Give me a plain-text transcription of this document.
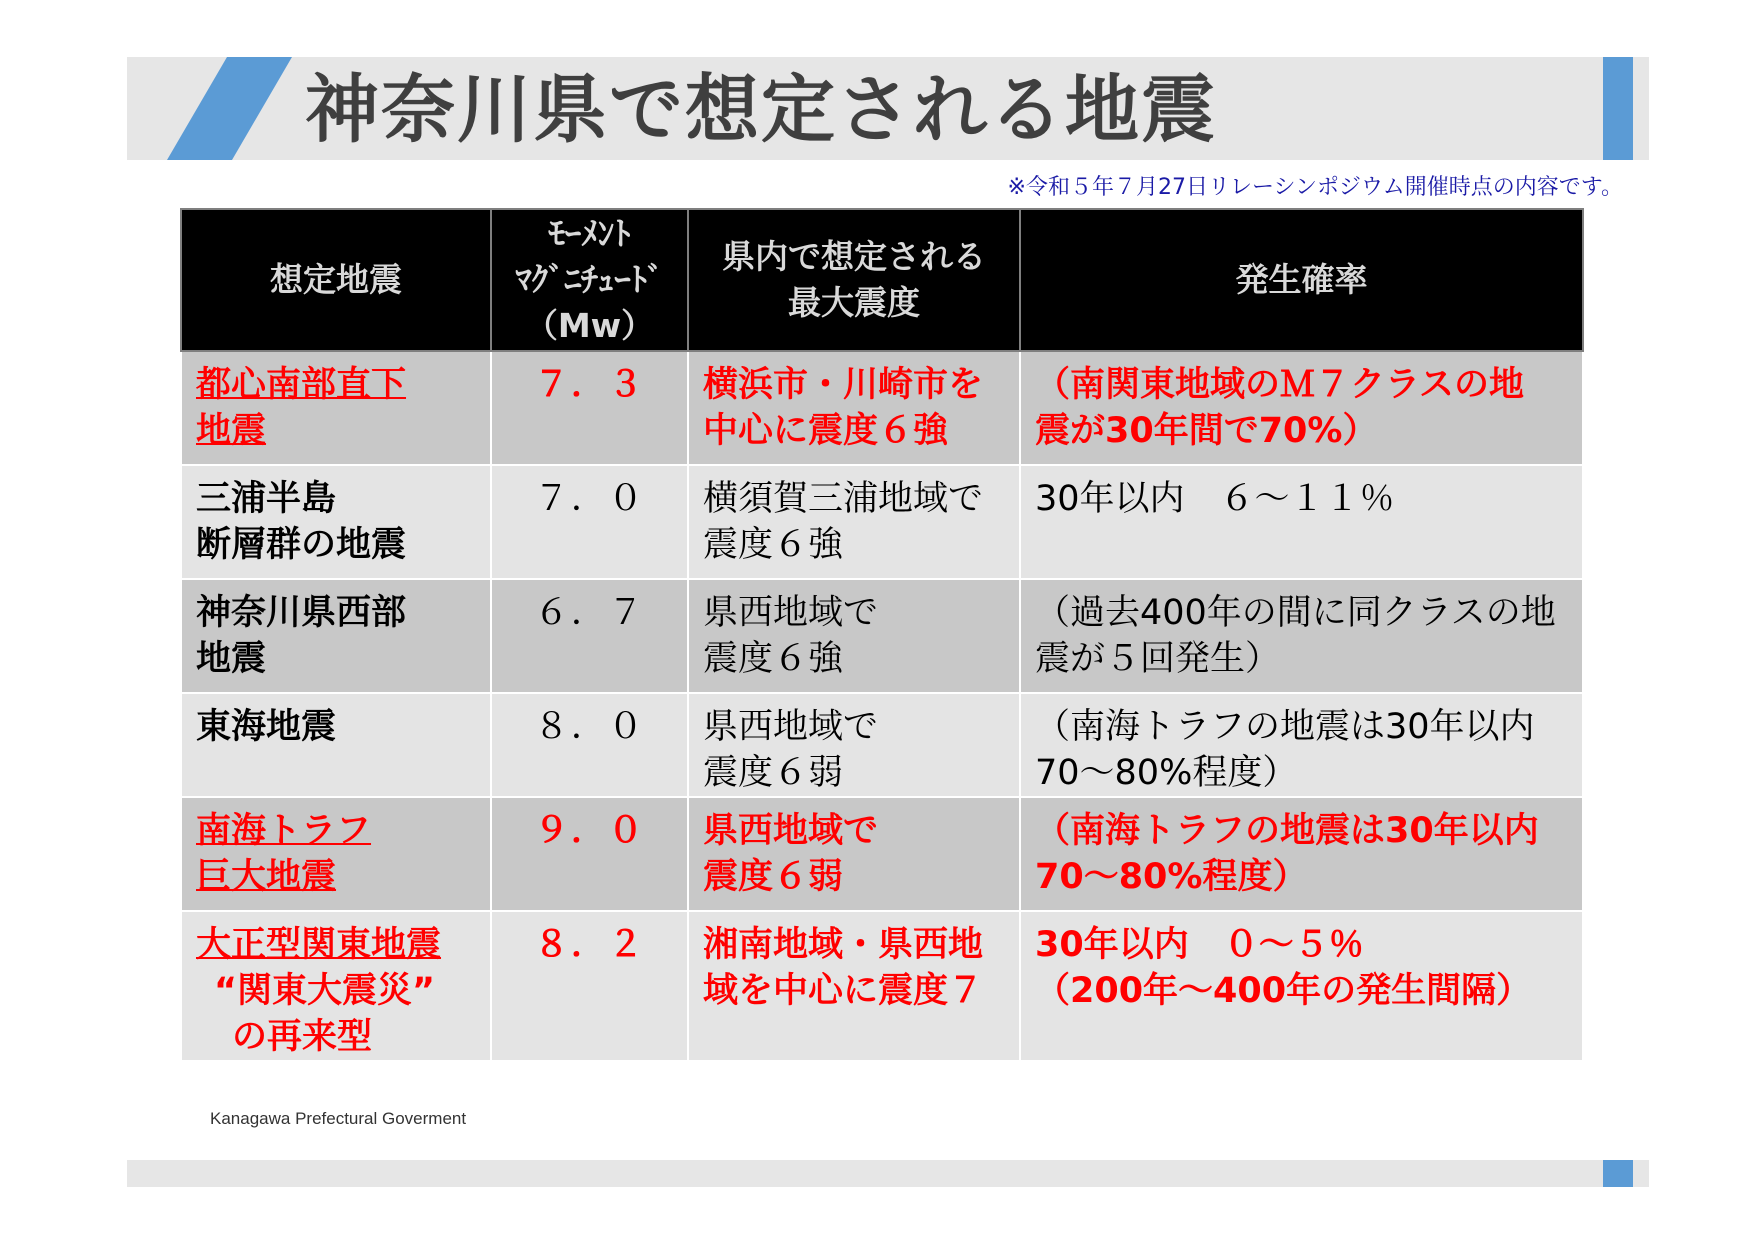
神奈川県で想定される地震
※令和５年７月27日リレーシンポジウム開催時点の内容です。
想定地震	ﾓｰﾒﾝﾄ
ﾏｸﾞﾆﾁｭｰﾄﾞ
（Mw）	県内で想定される
最大震度	発生確率

都心南部直下
地震	７．３	横浜市・川崎市を
中心に震度６強	（南関東地域のＭ７クラスの地
震が30年間で70%）

三浦半島
断層群の地震	７．０	横須賀三浦地域で
震度６強	30年以内　６～１１％

神奈川県西部
地震	６．７	県西地域で
震度６強	（過去400年の間に同クラスの地
震が５回発生）

東海地震	８．０	県西地域で
震度６弱	（南海トラフの地震は30年以内
70～80%程度）

南海トラフ
巨大地震	９．０	県西地域で
震度６弱	（南海トラフの地震は30年以内
70～80%程度）

大正型関東地震
“関東大震災”
の再来型	８．２	湘南地域・県西地
域を中心に震度７	30年以内　０～５％
（200年～400年の発生間隔）
Kanagawa Prefectural Goverment
